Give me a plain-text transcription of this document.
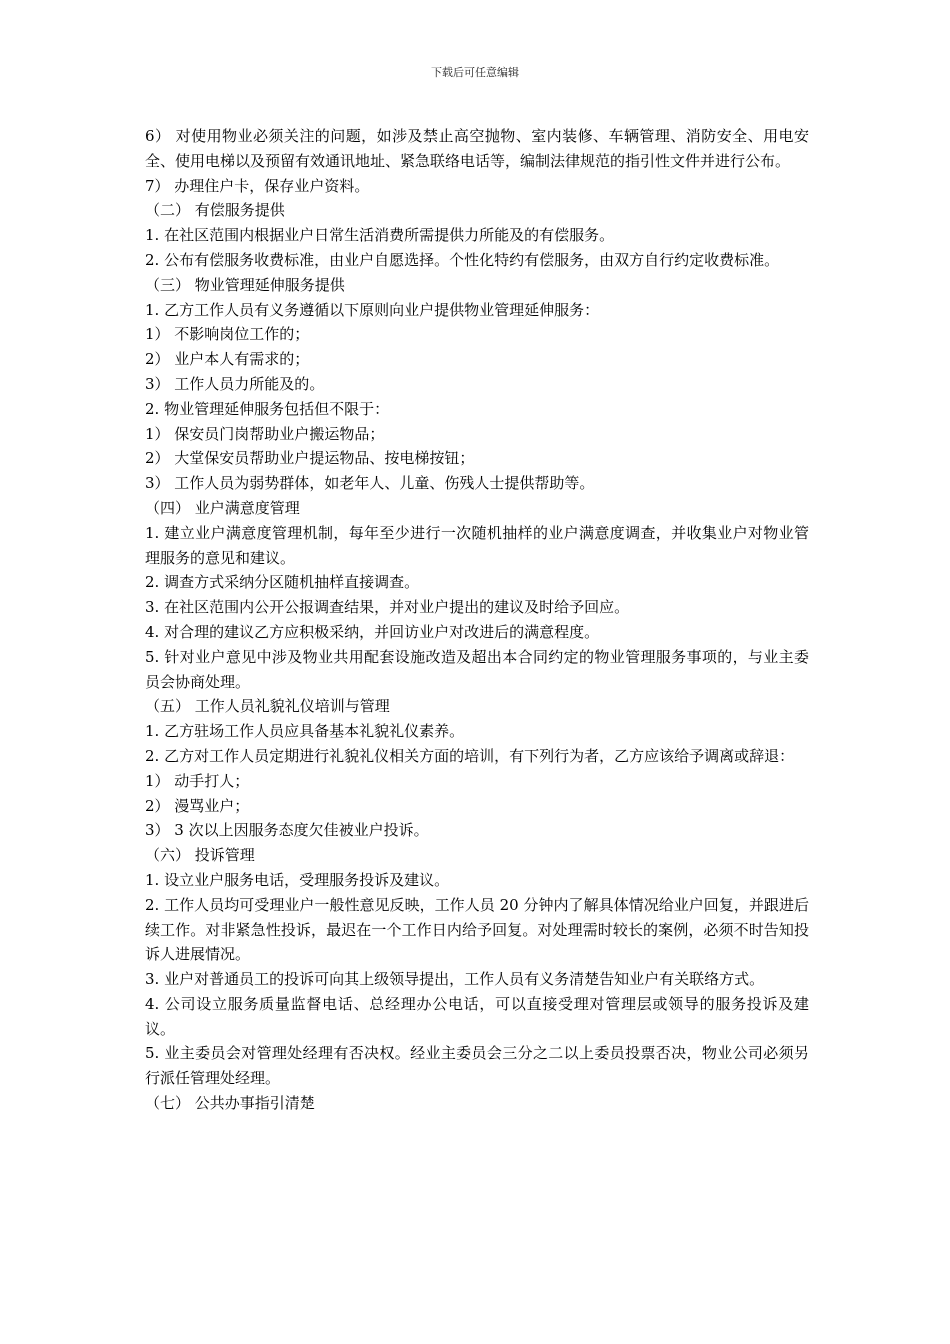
下载后可任意编辑

6） 对使用物业必须关注的问题，如涉及禁止高空抛物、室内装修、车辆管理、消防安全、用电安全、使用电梯以及预留有效通讯地址、紧急联络电话等，编制法律规范的指引性文件并进行公布。

7） 办理住户卡，保存业户资料。

（二） 有偿服务提供

1. 在社区范围内根据业户日常生活消费所需提供力所能及的有偿服务。

2. 公布有偿服务收费标准，由业户自愿选择。个性化特约有偿服务，由双方自行约定收费标准。

（三） 物业管理延伸服务提供

1. 乙方工作人员有义务遵循以下原则向业户提供物业管理延伸服务：

1） 不影响岗位工作的；

2） 业户本人有需求的；

3） 工作人员力所能及的。

2. 物业管理延伸服务包括但不限于：

1） 保安员门岗帮助业户搬运物品；

2） 大堂保安员帮助业户提运物品、按电梯按钮；

3） 工作人员为弱势群体，如老年人、儿童、伤残人士提供帮助等。

（四） 业户满意度管理

1. 建立业户满意度管理机制，每年至少进行一次随机抽样的业户满意度调查，并收集业户对物业管理服务的意见和建议。

2. 调查方式采纳分区随机抽样直接调查。

3. 在社区范围内公开公报调查结果，并对业户提出的建议及时给予回应。

4. 对合理的建议乙方应积极采纳，并回访业户对改进后的满意程度。

5. 针对业户意见中涉及物业共用配套设施改造及超出本合同约定的物业管理服务事项的，与业主委员会协商处理。

（五） 工作人员礼貌礼仪培训与管理

1. 乙方驻场工作人员应具备基本礼貌礼仪素养。

2. 乙方对工作人员定期进行礼貌礼仪相关方面的培训，有下列行为者，乙方应该给予调离或辞退：

1） 动手打人；

2） 漫骂业户；

3） 3 次以上因服务态度欠佳被业户投诉。

（六） 投诉管理

1. 设立业户服务电话，受理服务投诉及建议。

2. 工作人员均可受理业户一般性意见反映，工作人员 20 分钟内了解具体情况给业户回复，并跟进后续工作。对非紧急性投诉，最迟在一个工作日内给予回复。对处理需时较长的案例，必须不时告知投诉人进展情况。

3. 业户对普通员工的投诉可向其上级领导提出，工作人员有义务清楚告知业户有关联络方式。

4. 公司设立服务质量监督电话、总经理办公电话，可以直接受理对管理层或领导的服务投诉及建议。

5. 业主委员会对管理处经理有否决权。经业主委员会三分之二以上委员投票否决，物业公司必须另行派任管理处经理。

（七） 公共办事指引清楚
